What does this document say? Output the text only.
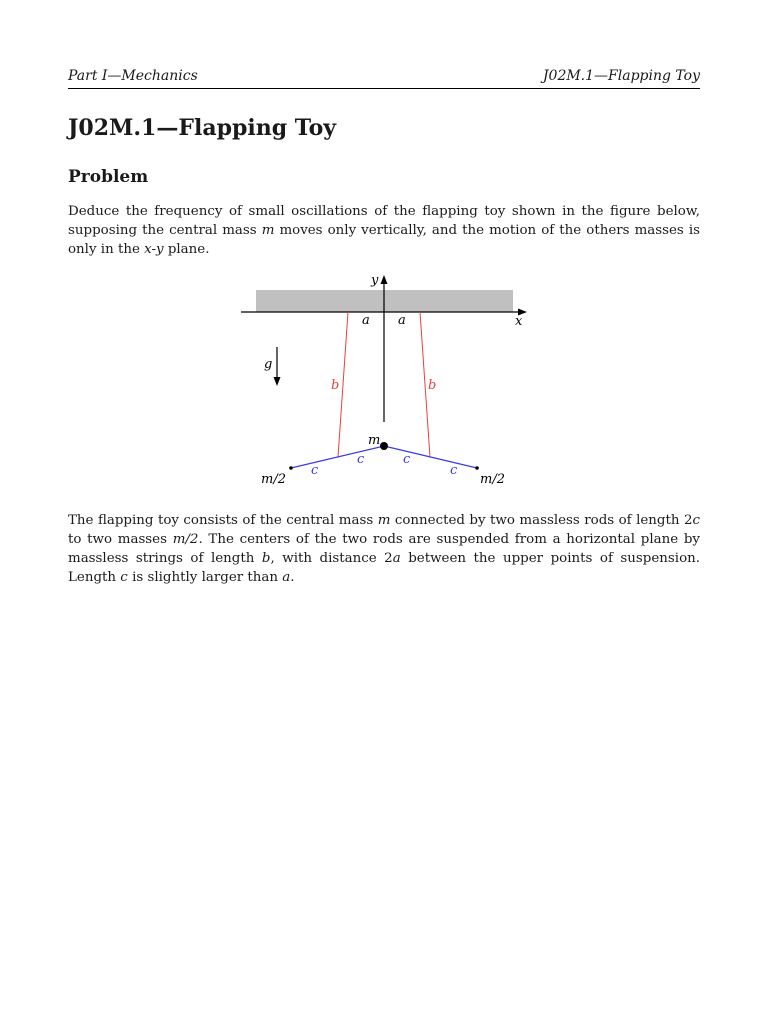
Part I—Mechanics	J02M.1—Flapping Toy
J02M.1—Flapping Toy
Problem

Deduce the frequency of small oscillations of the flapping toy shown in the figure below, supposing the central mass m moves only vertically, and the motion of the others masses is only in the x-y plane.

y
x
a a
g
b	b
c
c	c
c
m
m/2	m/2

The flapping toy consists of the central mass m connected by two massless rods of length 2c to two masses m/2. The centers of the two rods are suspended from a horizontal plane by massless strings of length b, with distance 2a between the upper points of suspension. Length c is slightly larger than a.
